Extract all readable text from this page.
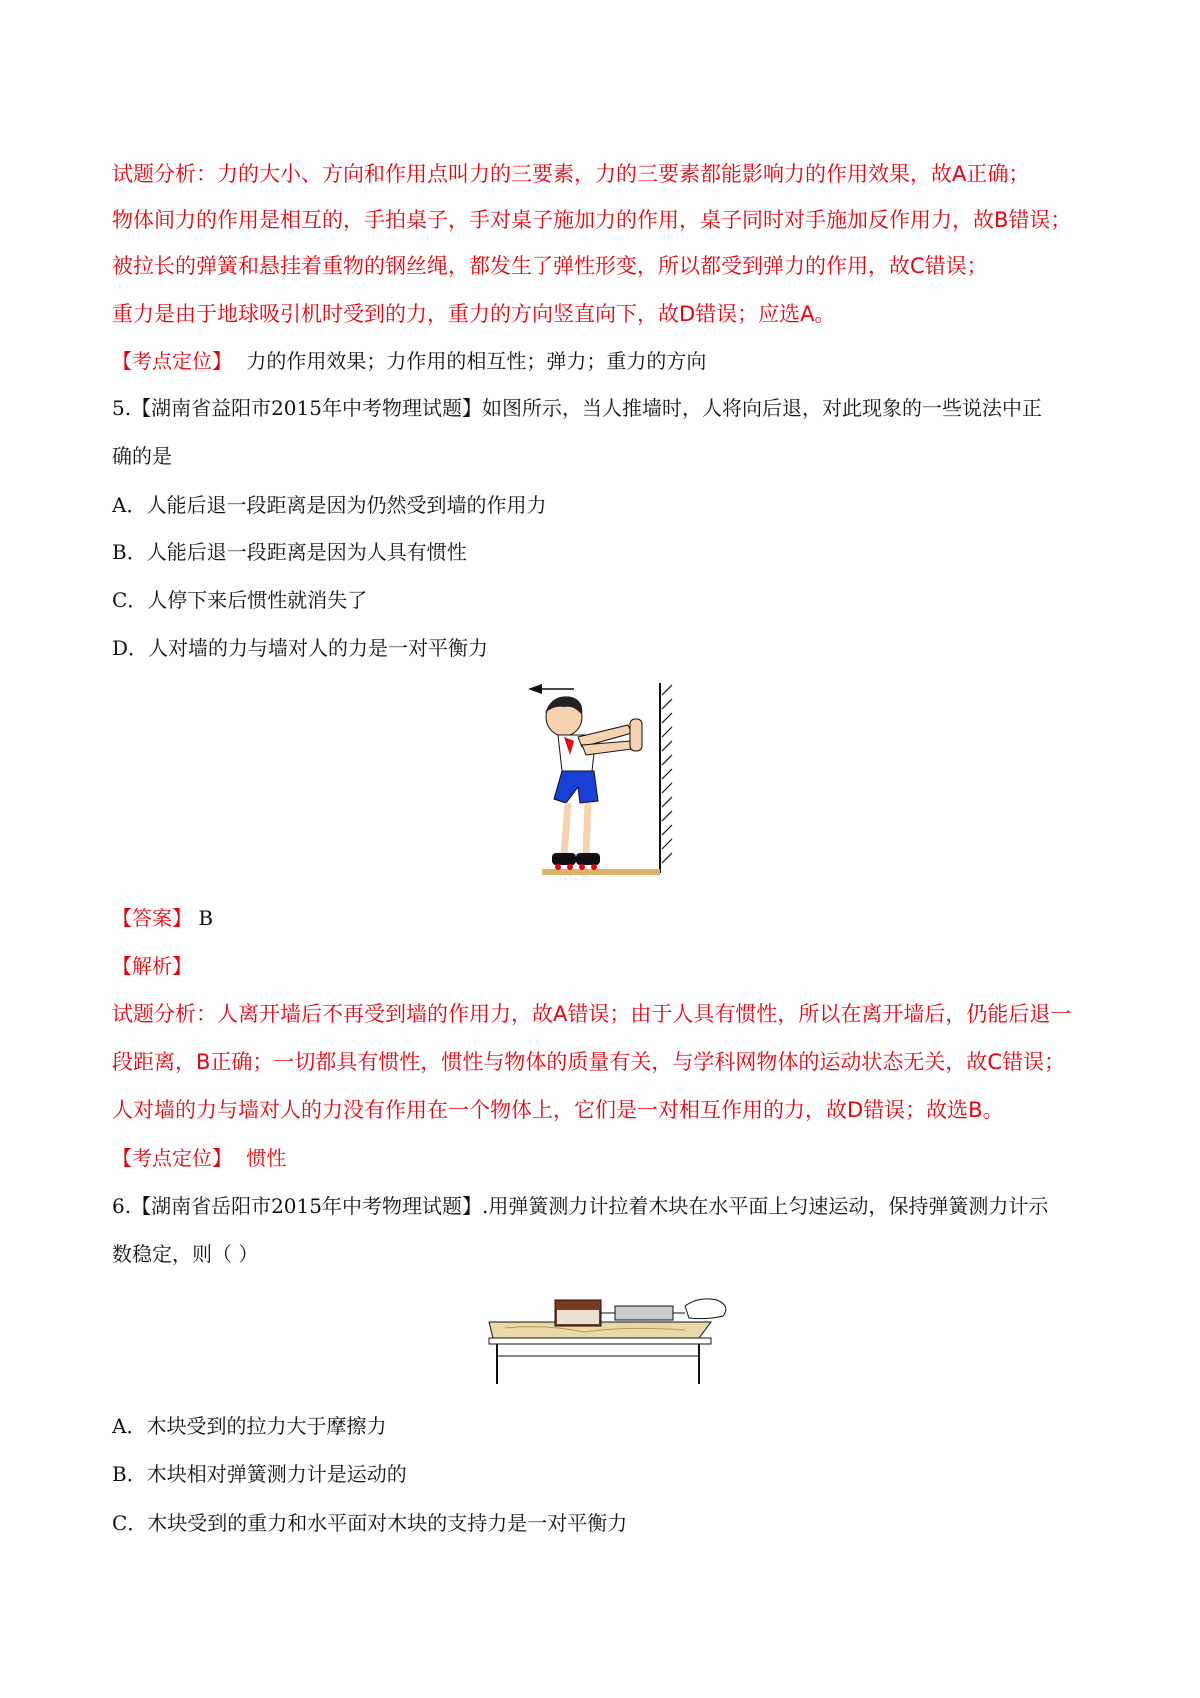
试题分析：力的大小、方向和作用点叫力的三要素，力的三要素都能影响力的作用效果，故A正确；
物体间力的作用是相互的，手拍桌子，手对桌子施加力的作用，桌子同时对手施加反作用力，故B错误；
被拉长的弹簧和悬挂着重物的钢丝绳，都发生了弹性形变，所以都受到弹力的作用，故C错误；
重力是由于地球吸引机时受到的力，重力的方向竖直向下，故D错误；应选A。
【考点定位】 力的作用效果；力作用的相互性；弹力；重力的方向
5.【湖南省益阳市2015年中考物理试题】如图所示，当人推墙时，人将向后退，对此现象的一些说法中正
确的是
A．人能后退一段距离是因为仍然受到墙的作用力
B．人能后退一段距离是因为人具有惯性
C．人停下来后惯性就消失了
D．人对墙的力与墙对人的力是一对平衡力
【答案】 B
【解析】
试题分析：人离开墙后不再受到墙的作用力，故A错误；由于人具有惯性，所以在离开墙后，仍能后退一
段距离，B正确；一切都具有惯性，惯性与物体的质量有关，与学科网物体的运动状态无关，故C错误；
人对墙的力与墙对人的力没有作用在一个物体上，它们是一对相互作用的力，故D错误；故选B。
【考点定位】 惯性
6.【湖南省岳阳市2015年中考物理试题】.用弹簧测力计拉着木块在水平面上匀速运动，保持弹簧测力计示
数稳定，则（ ）
A．木块受到的拉力大于摩擦力
B．木块相对弹簧测力计是运动的
C．木块受到的重力和水平面对木块的支持力是一对平衡力
